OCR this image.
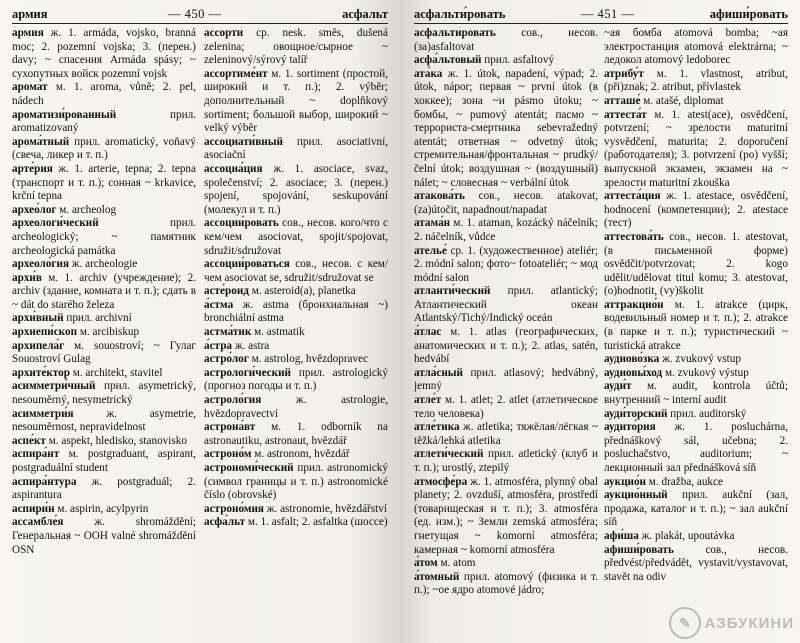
армия	— 450 —	асфальт

а́рмия ж. 1. armáda, vojsko, branná moc; 2. pozemní vojska; 3. (перен.) davy; ~ спасения Armáda spásy; ~ сухопутных войск pozemní vojsk

арома́т м. 1. aroma, vůně; 2. pel, nádech

ароматизи́рованный прил. aromatizovaný

арома́тный прил. aromatický, voňavý (свеча, ликер и т. п.)

арте́рия ж. 1. arterie, tepna; 2. tepna (транспорт и т. п.); сонная ~ krkavice, krční tepna

архео́лог м. archeolog

археологи́ческий прил. archeologický; ~ памятник archeologická památka

археоло́гия ж. archeologie

архи́в м. 1. archiv (учреждение); 2. archiv (здание, комната и т. п.); сдать в ~ dát do starého železa

архи́вный прил. archivní

архиепи́скоп м. arcibiskup

архипела́г м. souostroví; ~ Гулаг Souostroví Gulag

архите́ктор м. architekt, stavitel

асимметри́чный прил. asymetrický, nesouměrný, nesymetrický

асимметри́я ж. asymetrie, nesouměrnost, nepravidelnost

аспе́кт м. aspekt, hledisko, stanovisko

аспира́нт м. postgraduant, aspirant, postgraduální student

аспира́нтура ж. postgraduál; 2. aspirantura

аспири́н м. aspirin, acylpyrin

ассамбле́я ж. shromáždění; Генеральная ~ ООН valné shromáždění OSN

ассорти́ ср. nesk. směs, dušená zelenina; овощное/сырное ~ zeleninový/sýrový talíř

ассортиме́нт м. 1. sortiment (простой, широкий и т. п.); 2. výběr; дополнительный ~ doplňkový sortiment; большой выбор, широкий ~ velký výběr

ассоциати́вный прил. asociativní, asociační

ассоциа́ция ж. 1. asociace, svaz, společenství; 2. asociace; 3. (перен.) spojení, spojování, seskupování (молекул и т. п.)

ассоции́ровать сов., несов. кого/что с кем/чем asociovat, spojit/spojovat, sdružit/sdružovat

ассоции́роваться сов., несов. с кем/чем asociovat se, sdružit/sdružovat se

асте́роид м. asteroid(a), planetka

а́стма ж. astma (бронхиальная ~) bronchiální astma

астма́тик м. astmatik

а́стра ж. astra

астро́лог м. astrolog, hvězdopravec

астрологи́ческий прил. astrologický (прогноз погоды и т. п.)

астроло́гия ж. astrologie, hvězdopravectví

астрона́вт м. 1. odborník na astronautiku, astronaut, hvězdář

астроно́м м. astronom, hvězdář

астрономи́ческий прил. astronomický (символ границы и т. п.) astronomické číslo (obrovské)

астроно́мия ж. astronomie, hvězdářství

асфа́льт м. 1. asfalt; 2. asfaltka (шоссе)

асфальти́ровать	— 451 —	афиши́ровать

асфальти́ровать сов., несов. (за)asfaltovat

асфа́льтовый прил. asfaltový

ата́ка ж. 1. útok, napadení, výpad; 2. útok, nápor; первая ~ první útok (в хоккее); зона ~и pásmo útoku; ~ бомбы, ~ pumový atentát; пасмо ~ террориста-смертника sebevražedný atentát; ответная ~ odvetný útok; стремительная/фронтальная ~ prudký/čelní útok; воздушная ~ (воздушный) nálet; ~ словесная ~ verbální útok

атакова́ть сов., несов. atakovat, (za)útočit, napadnout/napadat

атама́н м. 1. ataman, kozácký náčelník; 2. náčelník, vůdce

ателье́ ср. 1. (художественное) ateliér; 2. módní salon; фото~ fotoateliér; ~ мод módní salon

атланти́ческий прил. atlantický; Атлантический океан Atlantský/Tichý/Indický oceán

а́тлас м. 1. atlas (географических, анатомических и т. п.); 2. atlas, satén, hedvábí

атла́сный прил. atlasový; hedvábný, jemný

атле́т м. 1. atlet; 2. atlet (атлетическое тело человека)

атле́тика ж. atletika; тяжёлая/лёгкая ~ těžká/lehká atletika

атлети́ческий прил. atletický (клуб и т. п.); urostlý, ztepilý

атмосфе́ра ж. 1. atmosféra, plynný obal planety; 2. ovzduší, atmosféra, prostředí (товарищеская и т. п.); 3. atmosféra (ед. изм.); ~ Земли zemská atmosféra; гнетущая ~ komorní atmosféra; камерная ~ komorní atmosféra

а́том м. atom

а́томный прил. atomový (физика и т. п.); ~ое ядро atomové jádro;

~ая бомба atomová bomba; ~ая электростанция atomová elektrárna; ~ ледокол atomový ledoborec

атрибу́т м. 1. vlastnost, atribut, (při)znak; 2. atribut, přívlastek

атташе́ м. atašé, diplomat

аттеста́т м. 1. atest(ace), osvědčení, potvrzení; ~ зрелости maturitní vysvědčení, maturita; 2. doporučení (работодателя); 3. potvrzení (po) vyšší; выпускной экзамен, экзамен на ~ зрелости maturitní zkouška

аттеста́ция ж. 1. atestace, osvědčení, hodnocení (компетенции); 2. atestace (тест)

аттестова́ть сов., несов. 1. atestovat, (в письменной форме) osvědčit/potvrzovat; 2. kogo udělit/udělovat titul komu; 3. atestovat, (o)hodnotit, (vy)školit

аттракцио́н м. 1. atrakce (цирк, водевильный номер и т. п.); 2. atrakce (в парке и т. п.); туристический ~ turistická atrakce

аудиово́зка ж. zvukový vstup

аудиовы́ход м. zvukový výstup

ауди́т м. audit, kontrola účtů; внутренний ~ interní audit

ауди́торский прил. auditorský

аудито́рия ж. 1. posluchárna, přednáškový sál, učebna; 2. posluchačstvo, auditorium; ~ лекционный зал přednášková síň

аукцио́н м. dražba, aukce

аукцио́нный прил. aukční (зал, продажа, каталог и т. п.); ~ зал aukční síň

афи́ша ж. plakát, upoutávka

афиши́ровать сов., несов. předvést/předvádět, vystavit/vystavovat, stavět na odiv

✎ АЗБУКИНИ
